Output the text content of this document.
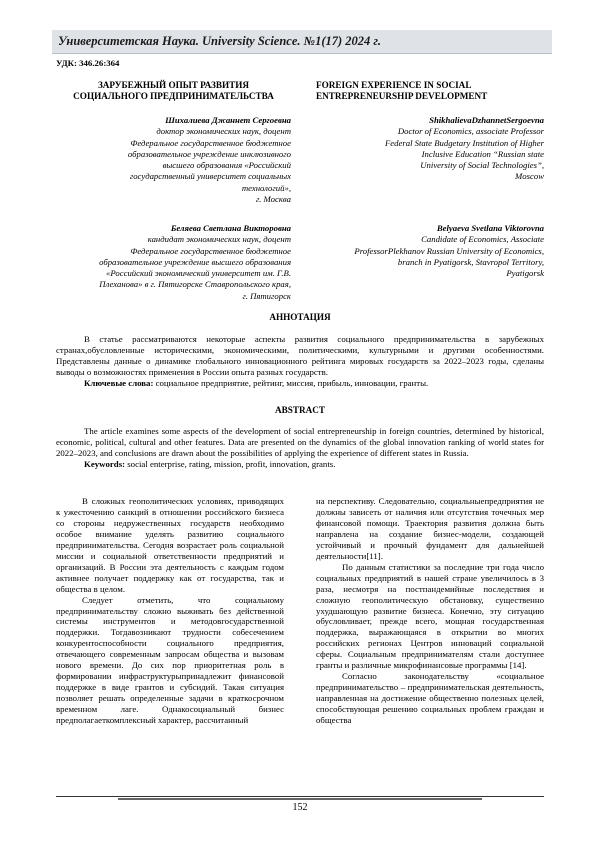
Университетская Наука. University Science. №1(17) 2024 г.
УДК: 346.26:364
ЗАРУБЕЖНЫЙ ОПЫТ РАЗВИТИЯ
СОЦИАЛЬНОГО ПРЕДПРИНИМАТЕЛЬСТВА
FOREIGN EXPERIENCE IN SOCIAL
ENTREPRENEURSHIP DEVELOPMENT
Шихалиева Джаннет Сергоевна
доктор экономических наук, доцент
Федеральное государственное бюджетное
образовательное учреждение инклюзивного
высшего образования «Российский
государственный университет социальных
технологий»,
г. Москва
Беляева Светлана Викторовна
кандидат экономических наук, доцент
Федеральное государственное бюджетное
образовательное учреждение высшего образования
«Российский экономический университет им. Г.В.
Плеханова» в г. Пятигорске Ставропольского края,
г. Пятигорск
ShikhalievaDzhannetSergoevna
Doctor of Economics, associate Professor
Federal State Budgetary Institution of Higher
Inclusive Education “Russian state
University of Social Technologies”,
Moscow
Belyaeva Svetlana Viktorovna
Candidate of Economics, Associate
ProfessorPlekhanov Russian University of Economics,
branch in Pyatigorsk, Stavropol Territory,
Pyatigorsk
АННОТАЦИЯ

В статье рассматриваются некоторые аспекты развития социального предпринимательства в зарубежных странах,обусловленные историческими, экономическими, политическими, культурными и другими особенностями. Представлены данные о динамике глобального инновационного рейтинга мировых государств за 2022–2023 годы, сделаны выводы о возможностях применения в России опыта разных государств.

Ключевые слова: социальное предприятие, рейтинг, миссия, прибыль, инновации, гранты.

ABSTRACT

The article examines some aspects of the development of social entrepreneurship in foreign countries, determined by historical, economic, political, cultural and other features. Data are presented on the dynamics of the global innovation ranking of world states for 2022–2023, and conclusions are drawn about the possibilities of applying the experience of different states in Russia.

Keywords: social enterprise, rating, mission, profit, innovation, grants.

В сложных геополитических условиях, приводящих к ужесточению санкций в отношении российского бизнеса со стороны недружественных государств необходимо особое внимание уделять развитию социального предпринимательства. Сегодня возрастает роль социальной миссии и социальной ответственности предприятий и организаций. В России эта деятельность с каждым годом активнее получает поддержку как от государства, так и общества в целом.

Следует отметить, что социальному предпринимательству сложно выживать без действенной системы инструментов и методовгосударственной поддержки. Тогдавозникают трудности собесечением конкурентоспособности социального предприятия, отвечающего современным запросам общества и вызовам нового времени. До сих пор приоритетная роль в формировании инфраструктурыпринадлежит финансовой поддержке в виде грантов и субсидий. Такая ситуация позволяет решать определенные задачи в краткосрочном временном лаге. Однакосоциальный бизнес предполагаеткомплексный характер, рассчитанный

на перспективу. Следовательно, социальныепредприятия не должны зависеть от наличия или отсутствия точечных мер финансовой помощи. Траектория развития должна быть направлена на создание бизнес-модели, создающей устойчивый и прочный фундамент для дальнейшей деятельности[11].

По данным статистики за последние три года число социальных предприятий в нашей стране увеличилось в 3 раза, несмотря на постпандемийные последствия и сложную геополитическую обстановку, существенно ухудшающую развитие бизнеса. Конечно, эту ситуацию обусловливает, прежде всего, мощная государственная поддержка, выражающаяся в открытии во многих российских регионах Центров инноваций социальной сферы. Социальным предпринимателям стали доступнее гранты и различные микрофинансовые программы [14].

Согласно законодательству «социальное предпринимательство – предпринимательская деятельность, направленная на достижение общественно полезных целей, способствующая решению социальных проблем граждан и общества

152
